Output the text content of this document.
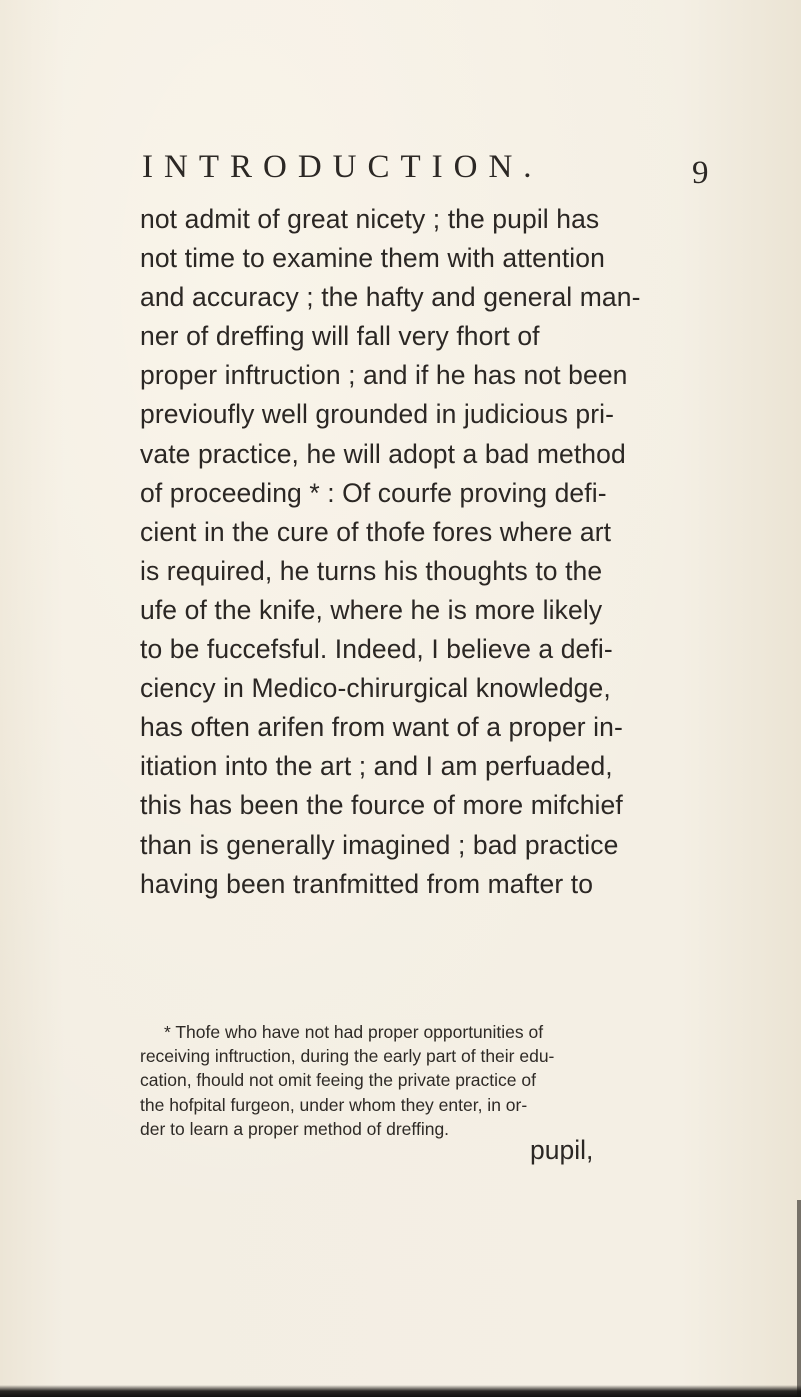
INTRODUCTION.	9
not admit of great nicety ; the pupil has
not time to examine them with attention
and accuracy ; the hafty and general man-
ner of dreffing will fall very fhort of
proper inftruction ; and if he has not been
previoufly well grounded in judicious pri-
vate practice, he will adopt a bad method
of proceeding * : Of courfe proving defi-
cient in the cure of thofe fores where art
is required, he turns his thoughts to the
ufe of the knife, where he is more likely
to be fuccefsful. Indeed, I believe a defi-
ciency in Medico-chirurgical knowledge,
has often arifen from want of a proper in-
itiation into the art ; and I am perfuaded,
this has been the fource of more mifchief
than is generally imagined ; bad practice
having been tranfmitted from mafter to
* Thofe who have not had proper opportunities of
receiving inftruction, during the early part of their edu-
cation, fhould not omit feeing the private practice of
the hofpital furgeon, under whom they enter, in or-
der to learn a proper method of dreffing.
pupil,
